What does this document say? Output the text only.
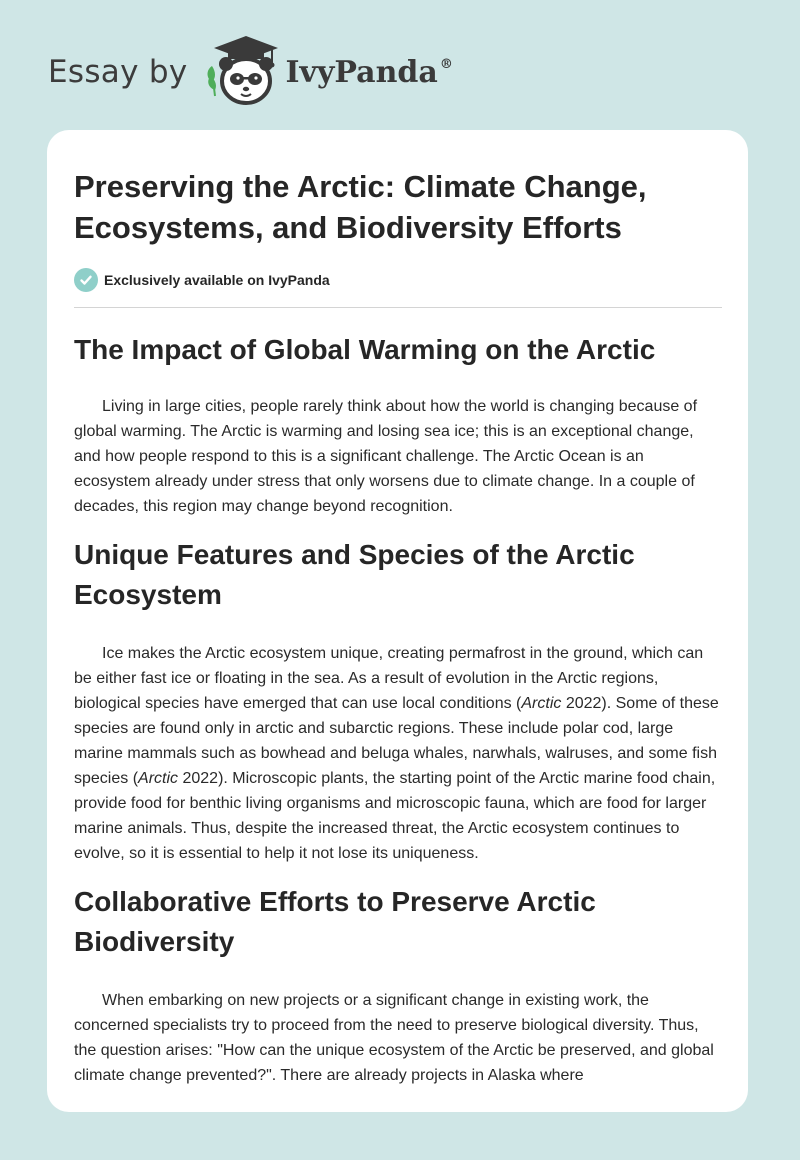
Essay by	IvyPanda ®
Preserving the Arctic: Climate Change, Ecosystems, and Biodiversity Efforts
Exclusively available on IvyPanda
The Impact of Global Warming on the Arctic

Living in large cities, people rarely think about how the world is changing because of global warming. The Arctic is warming and losing sea ice; this is an exceptional change, and how people respond to this is a significant challenge. The Arctic Ocean is an ecosystem already under stress that only worsens due to climate change. In a couple of decades, this region may change beyond recognition.

Unique Features and Species of the Arctic Ecosystem

Ice makes the Arctic ecosystem unique, creating permafrost in the ground, which can be either fast ice or floating in the sea. As a result of evolution in the Arctic regions, biological species have emerged that can use local conditions (Arctic 2022). Some of these species are found only in arctic and subarctic regions. These include polar cod, large marine mammals such as bowhead and beluga whales, narwhals, walruses, and some fish species (Arctic 2022). Microscopic plants, the starting point of the Arctic marine food chain, provide food for benthic living organisms and microscopic fauna, which are food for larger marine animals. Thus, despite the increased threat, the Arctic ecosystem continues to evolve, so it is essential to help it not lose its uniqueness.

Collaborative Efforts to Preserve Arctic Biodiversity

When embarking on new projects or a significant change in existing work, the concerned specialists try to proceed from the need to preserve biological diversity. Thus, the question arises: "How can the unique ecosystem of the Arctic be preserved, and global climate change prevented?". There are already projects in Alaska where
